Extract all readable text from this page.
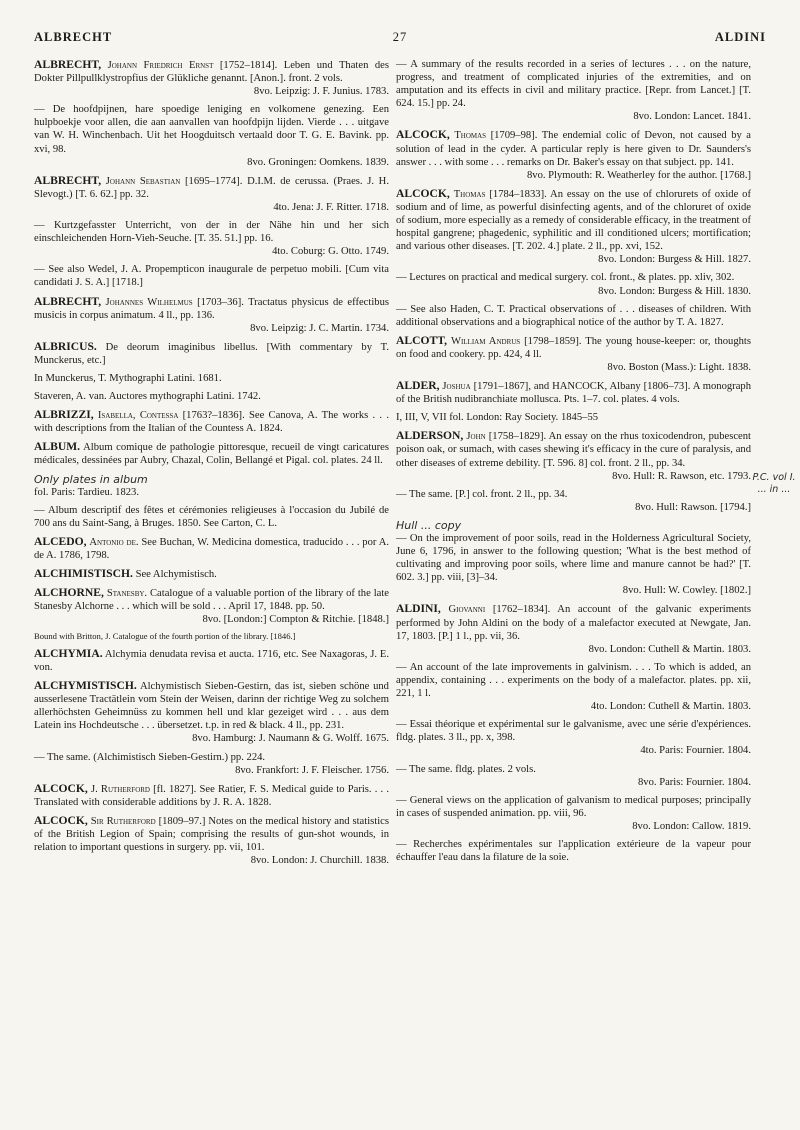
ALBRECHT	27	ALDINI
ALBRECHT, Johann Friedrich Ernst [1752–1814]. Leben und Thaten des Dokter Pillpullklystropfius der Glükliche genannt. [Anon.]. front. 2 vols.
8vo. Leipzig: J. F. Junius. 1783.
— De hoofdpijnen, hare spoedige leniging en volkomene genezing. Een hulpboekje voor allen, die aan aanvallen van hoofdpijn lijden. Vierde . . . uitgave van W. H. Winchenbach. Uit het Hoogduitsch vertaald door T. G. E. Bavink. pp. xvi, 98.
8vo. Groningen: Oomkens. 1839.
ALBRECHT, Johann Sebastian [1695–1774]. D.I.M. de cerussa. (Praes. J. H. Slevogt.) [T. 6. 62.] pp. 32.
4to. Jena: J. F. Ritter. 1718.
— Kurtzgefasster Unterricht, von der in der Nähe hin und her sich einschleichenden Horn-Vieh-Seuche. [T. 35. 51.] pp. 16.
4to. Coburg: G. Otto. 1749.
— See also Wedel, J. A. Propempticon inaugurale de perpetuo mobili. [Cum vita candidati J. S. A.] [1718.]
ALBRECHT, Johannes Wilhelmus [1703–36]. Tractatus physicus de effectibus musicis in corpus animatum. 4 ll., pp. 136.
8vo. Leipzig: J. C. Martin. 1734.
ALBRICUS. De deorum imaginibus libellus. [With commentary by T. Munckerus, etc.]
In Munckerus, T. Mythographi Latini. 1681.
Staveren, A. van. Auctores mythographi Latini. 1742.
ALBRIZZI, Isabella, Contessa [1763?–1836]. See Canova, A. The works . . . with descriptions from the Italian of the Countess A. 1824.
ALBUM. Album comique de pathologie pittoresque, recueil de vingt caricatures médicales, dessinées par Aubry, Chazal, Colin, Bellangé et Pigal. col. plates. 24 ll.
Only plates in album
fol. Paris: Tardieu. 1823.
— Album descriptif des fêtes et cérémonies religieuses à l'occasion du Jubilé de 700 ans du Saint-Sang, à Bruges. 1850. See Carton, C. L.
ALCEDO, Antonio de. See Buchan, W. Medicina domestica, traducido . . . por A. de A. 1786, 1798.
ALCHIMISTISCH. See Alchymistisch.
ALCHORNE, Stanesby. Catalogue of a valuable portion of the library of the late Stanesby Alchorne . . . which will be sold . . . April 17, 1848. pp. 50.
8vo. [London:] Compton & Ritchie. [1848.]
Bound with Britton, J. Catalogue of the fourth portion of the library. [1846.]
ALCHYMIA. Alchymia denudata revisa et aucta. 1716, etc. See Naxagoras, J. E. von.
ALCHYMISTISCH. Alchymistisch Sieben-Gestirn, das ist, sieben schöne und ausserlesene Tractätlein vom Stein der Weisen, darinn der richtige Weg zu solchem allerhöchsten Geheimnüss zu kommen hell und klar gezeiget wird . . . aus dem Latein ins Hochdeutsche . . . übersetzet. t.p. in red & black. 4 ll., pp. 231.
8vo. Hamburg: J. Naumann & G. Wolff. 1675.
— The same. (Alchimistisch Sieben-Gestirn.) pp. 224.
8vo. Frankfort: J. F. Fleischer. 1756.
ALCOCK, J. Rutherford [fl. 1827]. See Ratier, F. S. Medical guide to Paris. . . . Translated with considerable additions by J. R. A. 1828.
ALCOCK, Sir Rutherford [1809–97.] Notes on the medical history and statistics of the British Legion of Spain; comprising the results of gun-shot wounds, in relation to important questions in surgery. pp. vii, 101.
8vo. London: J. Churchill. 1838.
— A summary of the results recorded in a series of lectures . . . on the nature, progress, and treatment of complicated injuries of the extremities, and on amputation and its effects in civil and military practice. [Repr. from Lancet.] [T. 624. 15.] pp. 24.
8vo. London: Lancet. 1841.
ALCOCK, Thomas [1709–98]. The endemial colic of Devon, not caused by a solution of lead in the cyder. A particular reply is here given to Dr. Saunders's answer . . . with some . . . remarks on Dr. Baker's essay on that subject. pp. 141.
8vo. Plymouth: R. Weatherley for the author. [1768.]
ALCOCK, Thomas [1784–1833]. An essay on the use of chlorurets of oxide of sodium and of lime, as powerful disinfecting agents, and of the chloruret of oxide of sodium, more especially as a remedy of considerable efficacy, in the treatment of hospital gangrene; phagedenic, syphilitic and ill conditioned ulcers; mortification; and various other diseases. [T. 202. 4.] plate. 2 ll., pp. xvi, 152.
8vo. London: Burgess & Hill. 1827.
— Lectures on practical and medical surgery. col. front., & plates. pp. xliv, 302.
8vo. London: Burgess & Hill. 1830.
— See also Haden, C. T. Practical observations of . . . diseases of children. With additional observations and a biographical notice of the author by T. A. 1827.
ALCOTT, William Andrus [1798–1859]. The young house-keeper: or, thoughts on food and cookery. pp. 424, 4 ll.
8vo. Boston (Mass.): Light. 1838.
ALDER, Joshua [1791–1867], and HANCOCK, Albany [1806–73]. A monograph of the British nudibranchiate mollusca. Pts. 1–7. col. plates. 4 vols.
I, III, V, VII fol. London: Ray Society. 1845–55
ALDERSON, John [1758–1829]. An essay on the rhus toxicodendron, pubescent poison oak, or sumach, with cases shewing it's efficacy in the cure of paralysis, and other diseases of extreme debility. [T. 596. 8] col. front. 2 ll., pp. 34.
8vo. Hull: R. Rawson, etc. 1793.
— The same. [P.] col. front. 2 ll., pp. 34.
8vo. Hull: Rawson. [1794.]
Hull ... copy
— On the improvement of poor soils, read in the Holderness Agricultural Society, June 6, 1796, in answer to the following question; 'What is the best method of cultivating and improving poor soils, where lime and manure cannot be had?' [T. 602. 3.] pp. viii, [3]–34.
8vo. Hull: W. Cowley. [1802.]
ALDINI, Giovanni [1762–1834]. An account of the galvanic experiments performed by John Aldini on the body of a malefactor executed at Newgate, Jan. 17, 1803. [P.] 1 l., pp. vii, 36.
8vo. London: Cuthell & Martin. 1803.
— An account of the late improvements in galvinism. . . . To which is added, an appendix, containing . . . experiments on the body of a malefactor. plates. pp. xii, 221, 1 l.
4to. London: Cuthell & Martin. 1803.
— Essai théorique et expérimental sur le galvanisme, avec une série d'expériences. fldg. plates. 3 ll., pp. x, 398.
4to. Paris: Fournier. 1804.
— The same. fldg. plates. 2 vols.
8vo. Paris: Fournier. 1804.
— General views on the application of galvanism to medical purposes; principally in cases of suspended animation. pp. viii, 96.
8vo. London: Callow. 1819.
— Recherches expérimentales sur l'application extérieure de la vapeur pour échauffer l'eau dans la filature de la soie.
P.C. vol I. ... in ...
